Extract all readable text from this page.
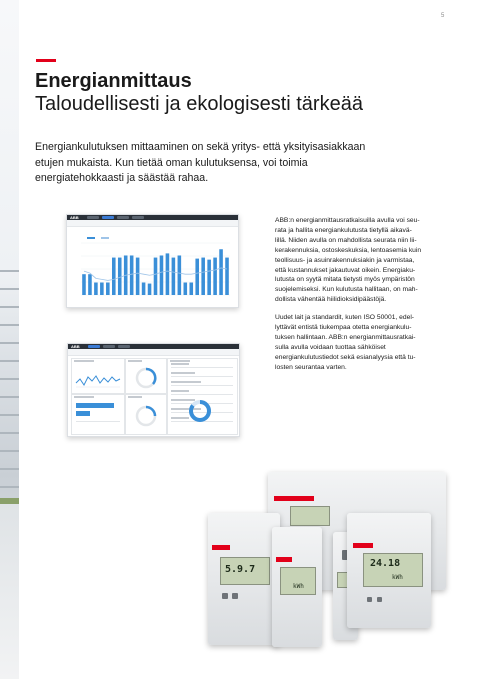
5
Energianmittaus
Taloudellisesti ja ekologisesti tärkeää
Energiankulutuksen mittaaminen on sekä yritys- että yksityisasiakkaan
etujen mukaista. Kun tietää oman kulutuksensa, voi toimia
energiatehokkaasti ja säästää rahaa.
ABB
ABB
ABB:n energianmittausratkaisuilla avulla voi seu-
rata ja hallita energiankulutusta tietyllä aikavä-
lillä. Niiden avulla on mahdollista seurata niin lii-
kerakennuksia, ostoskeskuksia, lentoasemia kuin
teollisuus- ja asuinrakennuksiakin ja varmistaa,
että kustannukset jakautuvat oikein. Energiaku-
lutusta on syytä mitata tietysti myös ympäristön
suojelemiseksi. Kun kulutusta hallitaan, on mah-
dollista vähentää hiilidioksidipäästöjä.
Uudet lait ja standardit, kuten ISO 50001, edel-
lyttävät entistä tiukempaa otetta energiankulu-
tuksen hallintaan. ABB:n energianmittausratkai-
sulla avulla voidaan tuottaa sähköiset
energiankulutustiedot sekä esianalyysia että tu-
losten seurantaa varten.
5.9.7
kWh
24.18
kWh
